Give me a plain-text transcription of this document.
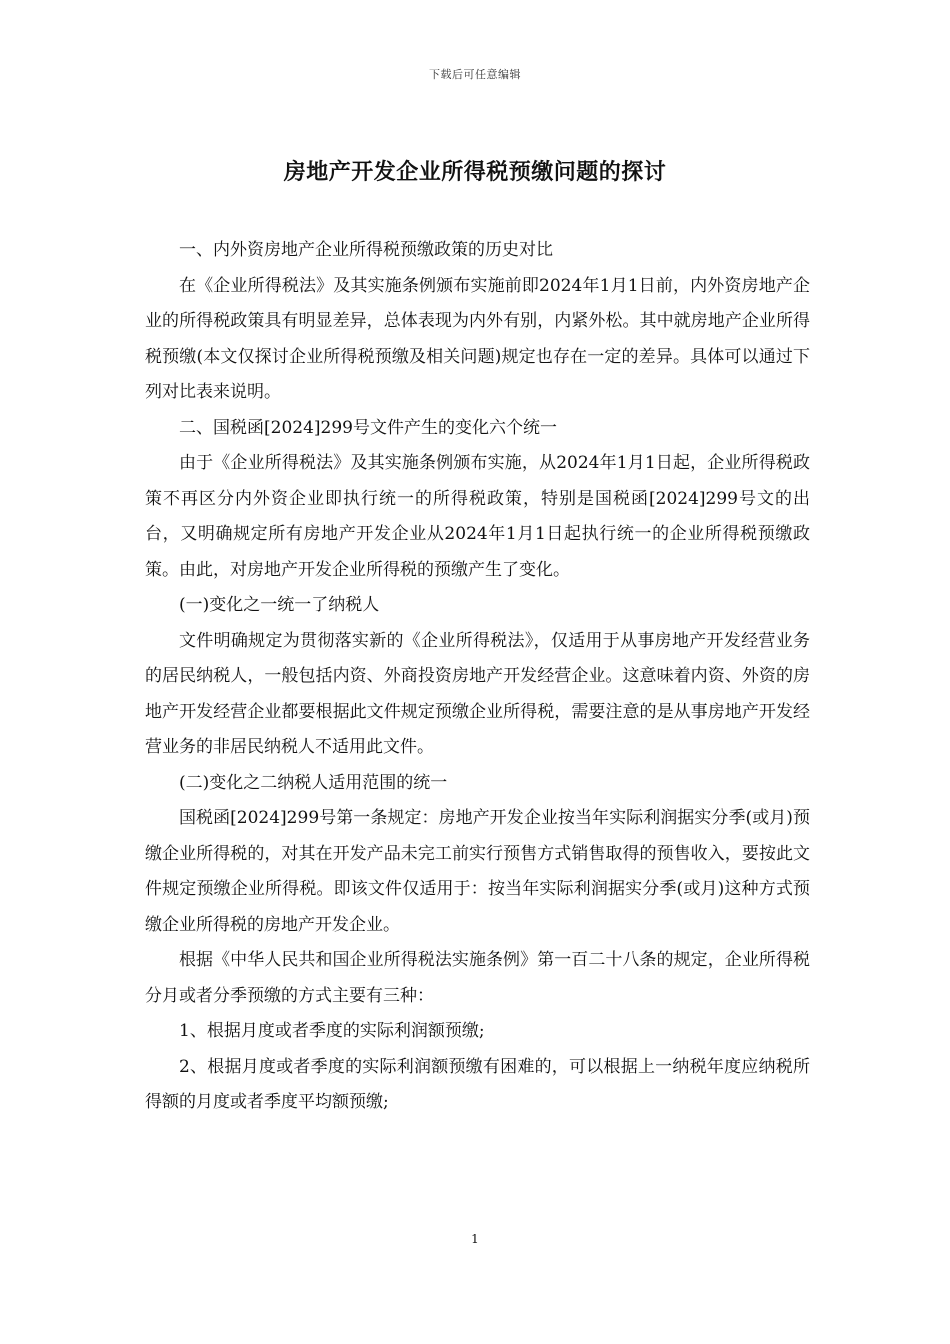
下载后可任意编辑
房地产开发企业所得税预缴问题的探讨

一、内外资房地产企业所得税预缴政策的历史对比

在《企业所得税法》及其实施条例颁布实施前即2024年1月1日前，内外资房地产企业的所得税政策具有明显差异，总体表现为内外有别，内紧外松。其中就房地产企业所得税预缴(本文仅探讨企业所得税预缴及相关问题)规定也存在一定的差异。具体可以通过下列对比表来说明。

二、国税函[2024]299号文件产生的变化六个统一

由于《企业所得税法》及其实施条例颁布实施，从2024年1月1日起，企业所得税政策不再区分内外资企业即执行统一的所得税政策，特别是国税函[2024]299号文的出台，又明确规定所有房地产开发企业从2024年1月1日起执行统一的企业所得税预缴政策。由此，对房地产开发企业所得税的预缴产生了变化。

(一)变化之一统一了纳税人

文件明确规定为贯彻落实新的《企业所得税法》，仅适用于从事房地产开发经营业务的居民纳税人，一般包括内资、外商投资房地产开发经营企业。这意味着内资、外资的房地产开发经营企业都要根据此文件规定预缴企业所得税，需要注意的是从事房地产开发经营业务的非居民纳税人不适用此文件。

(二)变化之二纳税人适用范围的统一

国税函[2024]299号第一条规定：房地产开发企业按当年实际利润据实分季(或月)预缴企业所得税的，对其在开发产品未完工前实行预售方式销售取得的预售收入，要按此文件规定预缴企业所得税。即该文件仅适用于：按当年实际利润据实分季(或月)这种方式预缴企业所得税的房地产开发企业。

根据《中华人民共和国企业所得税法实施条例》第一百二十八条的规定，企业所得税分月或者分季预缴的方式主要有三种：

1、根据月度或者季度的实际利润额预缴;

2、根据月度或者季度的实际利润额预缴有困难的，可以根据上一纳税年度应纳税所得额的月度或者季度平均额预缴;

1
